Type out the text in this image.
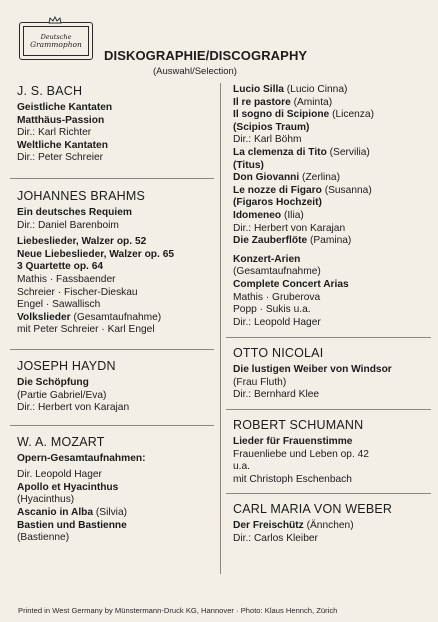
Deutsche
Grammophon
DISKOGRAPHIE/DISCOGRAPHY
(Auswahl/Selection)
J. S. BACH
Geistliche Kantaten
Matthäus-Passion
Dir.: Karl Richter
Weltliche Kantaten
Dir.: Peter Schreier
JOHANNES BRAHMS
Ein deutsches Requiem
Dir.: Daniel Barenboim
Liebeslieder, Walzer op. 52
Neue Liebeslieder, Walzer op. 65
3 Quartette op. 64
Mathis · Fassbaender
Schreier · Fischer-Dieskau
Engel · Sawallisch
Volkslieder (Gesamtaufnahme)
mit Peter Schreier · Karl Engel
JOSEPH HAYDN
Die Schöpfung
(Partie Gabriel/Eva)
Dir.: Herbert von Karajan
W. A. MOZART
Opern-Gesamtaufnahmen:
Dir. Leopold Hager
Apollo et Hyacinthus
(Hyacinthus)
Ascanio in Alba (Silvia)
Bastien und Bastienne
(Bastienne)
Lucio Silla (Lucio Cinna)
Il re pastore (Aminta)
Il sogno di Scipione (Licenza)
(Scipios Traum)
Dir.: Karl Böhm
La clemenza di Tito (Servilia)
(Titus)
Don Giovanni (Zerlina)
Le nozze di Figaro (Susanna)
(Figaros Hochzeit)
Idomeneo (Ilia)
Dir.: Herbert von Karajan
Die Zauberflöte (Pamina)
Konzert-Arien
(Gesamtaufnahme)
Complete Concert Arias
Mathis · Gruberova
Popp · Sukis u.a.
Dir.: Leopold Hager
OTTO NICOLAI
Die lustigen Weiber von Windsor
(Frau Fluth)
Dir.: Bernhard Klee
ROBERT SCHUMANN
Lieder für Frauenstimme
Frauenliebe und Leben op. 42
u.a.
mit Christoph Eschenbach
CARL MARIA VON WEBER
Der Freischütz (Ännchen)
Dir.: Carlos Kleiber
Printed in West Germany by Münstermann-Druck KG, Hannover · Photo: Klaus Hennch, Zürich
